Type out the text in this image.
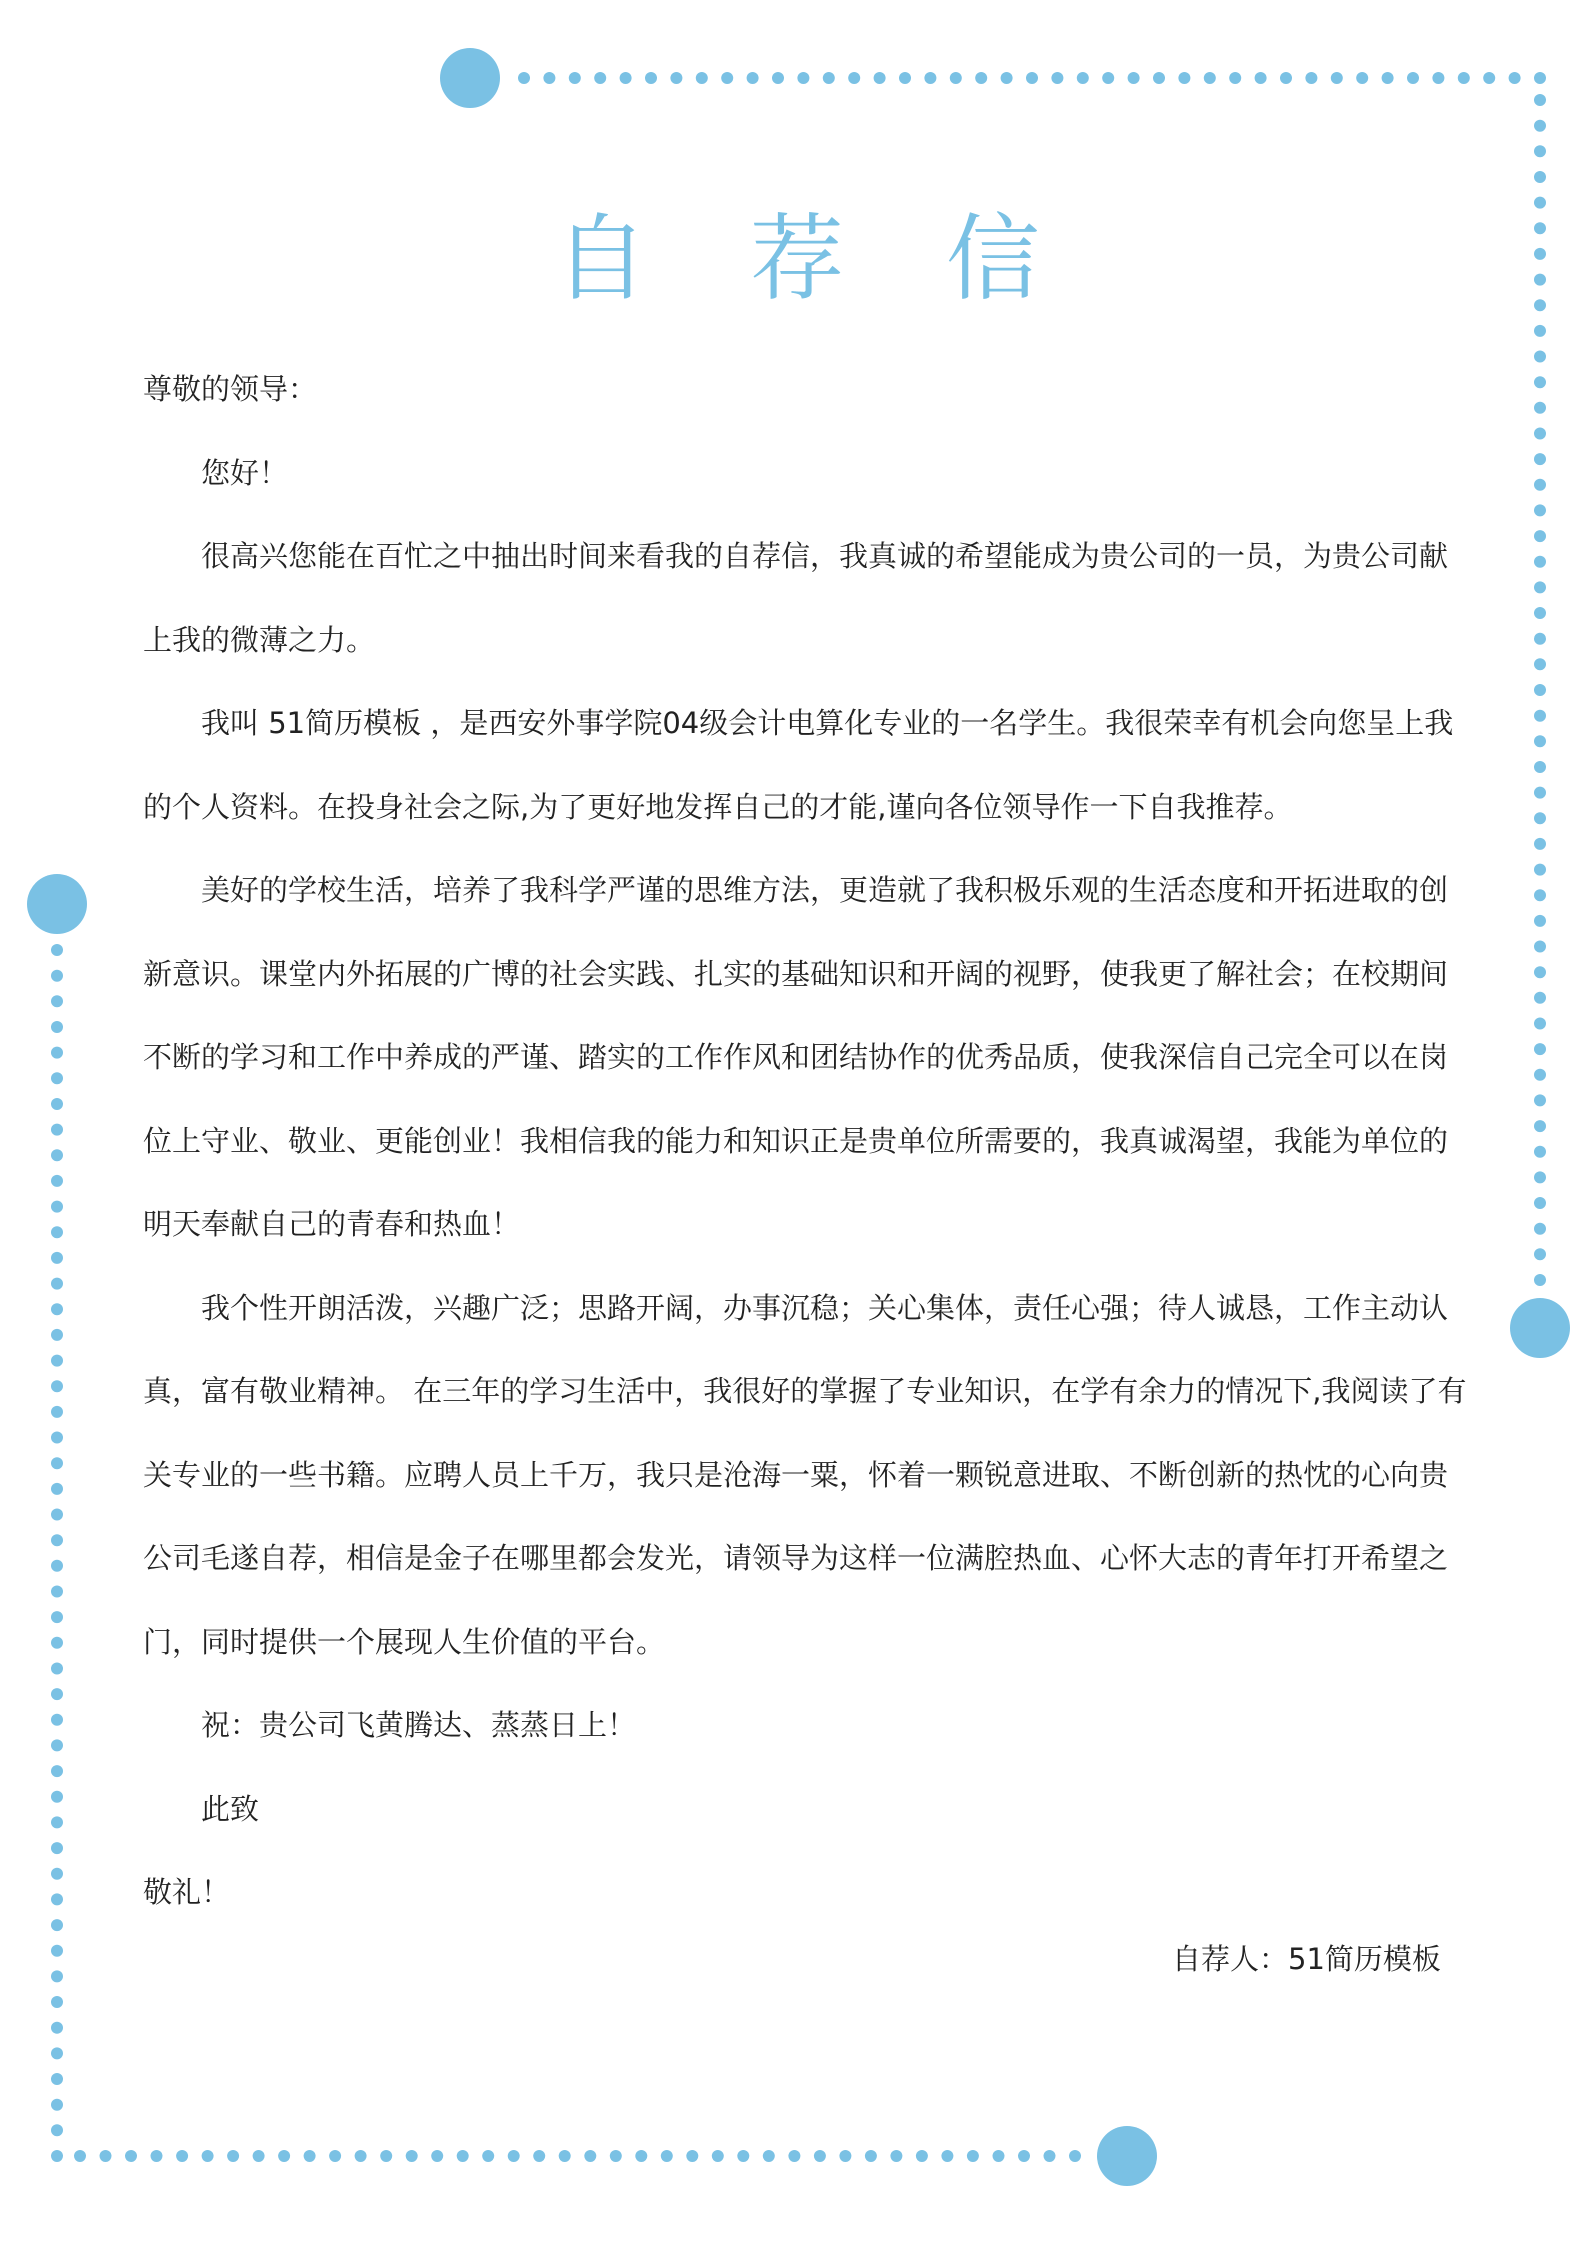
自 荐 信

尊敬的领导：

您好！

很高兴您能在百忙之中抽出时间来看我的自荐信，我真诚的希望能成为贵公司的一员，为贵公司献上我的微薄之力。

我叫 51简历模板 ，是西安外事学院04级会计电算化专业的一名学生。我很荣幸有机会向您呈上我的个人资料。在投身社会之际,为了更好地发挥自己的才能,谨向各位领导作一下自我推荐。

美好的学校生活，培养了我科学严谨的思维方法，更造就了我积极乐观的生活态度和开拓进取的创新意识。课堂内外拓展的广博的社会实践、扎实的基础知识和开阔的视野，使我更了解社会；在校期间不断的学习和工作中养成的严谨、踏实的工作作风和团结协作的优秀品质，使我深信自己完全可以在岗位上守业、敬业、更能创业！我相信我的能力和知识正是贵单位所需要的，我真诚渴望，我能为单位的明天奉献自己的青春和热血！

我个性开朗活泼，兴趣广泛；思路开阔，办事沉稳；关心集体，责任心强；待人诚恳，工作主动认真，富有敬业精神。 在三年的学习生活中，我很好的掌握了专业知识，在学有余力的情况下,我阅读了有关专业的一些书籍。应聘人员上千万，我只是沧海一粟，怀着一颗锐意进取、不断创新的热忱的心向贵公司毛遂自荐，相信是金子在哪里都会发光，请领导为这样一位满腔热血、心怀大志的青年打开希望之门，同时提供一个展现人生价值的平台。

祝：贵公司飞黄腾达、蒸蒸日上！

此致

敬礼！

自荐人：51简历模板
